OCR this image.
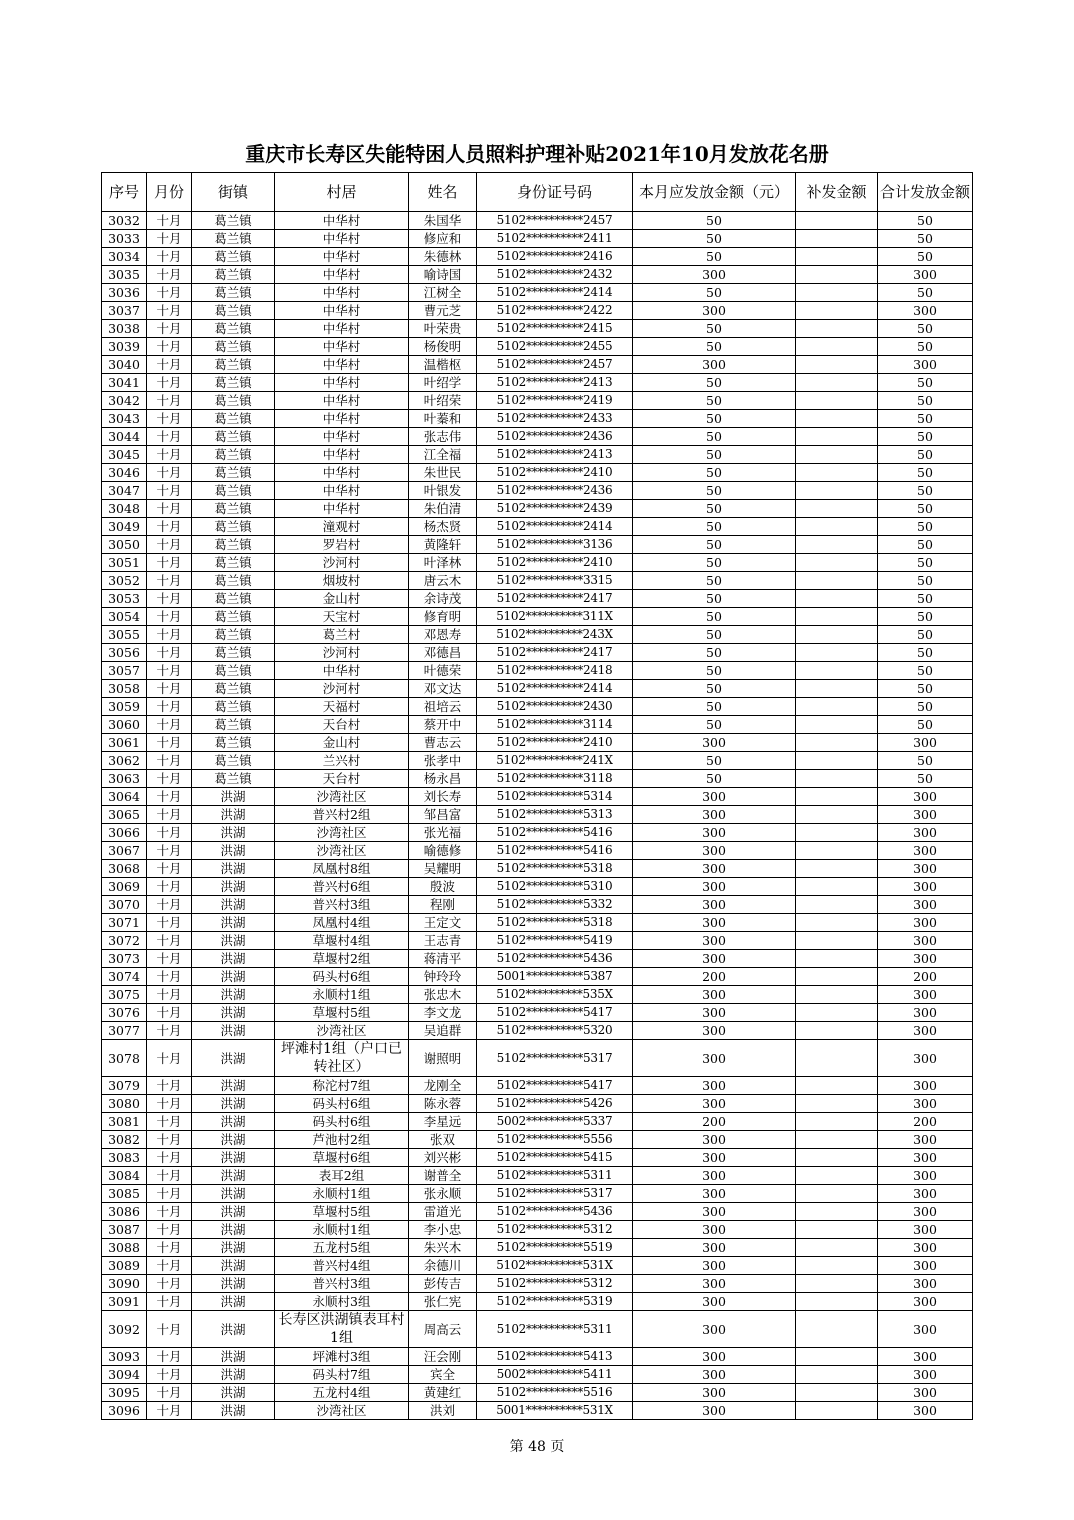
重庆市长寿区失能特困人员照料护理补贴2021年10月发放花名册
序号	月份	街镇	村居	姓名	身份证号码	本月应发放金额（元）	补发金额	合计发放金额
3032	十月	葛兰镇	中华村	朱国华	5102**********2457	50		50
3033	十月	葛兰镇	中华村	修应和	5102**********2411	50		50
3034	十月	葛兰镇	中华村	朱德林	5102**********2416	50		50
3035	十月	葛兰镇	中华村	喻诗国	5102**********2432	300		300
3036	十月	葛兰镇	中华村	江树全	5102**********2414	50		50
3037	十月	葛兰镇	中华村	曹元芝	5102**********2422	300		300
3038	十月	葛兰镇	中华村	叶荣贵	5102**********2415	50		50
3039	十月	葛兰镇	中华村	杨俊明	5102**********2455	50		50
3040	十月	葛兰镇	中华村	温楷枢	5102**********2457	300		300
3041	十月	葛兰镇	中华村	叶绍学	5102**********2413	50		50
3042	十月	葛兰镇	中华村	叶绍荣	5102**********2419	50		50
3043	十月	葛兰镇	中华村	叶蓁和	5102**********2433	50		50
3044	十月	葛兰镇	中华村	张志伟	5102**********2436	50		50
3045	十月	葛兰镇	中华村	江全福	5102**********2413	50		50
3046	十月	葛兰镇	中华村	朱世民	5102**********2410	50		50
3047	十月	葛兰镇	中华村	叶银发	5102**********2436	50		50
3048	十月	葛兰镇	中华村	朱伯清	5102**********2439	50		50
3049	十月	葛兰镇	潼观村	杨杰贤	5102**********2414	50		50
3050	十月	葛兰镇	罗岩村	黄隆轩	5102**********3136	50		50
3051	十月	葛兰镇	沙河村	叶泽林	5102**********2410	50		50
3052	十月	葛兰镇	烟坡村	唐云木	5102**********3315	50		50
3053	十月	葛兰镇	金山村	余诗茂	5102**********2417	50		50
3054	十月	葛兰镇	天宝村	修育明	5102**********311X	50		50
3055	十月	葛兰镇	葛兰村	邓恩寿	5102**********243X	50		50
3056	十月	葛兰镇	沙河村	邓德昌	5102**********2417	50		50
3057	十月	葛兰镇	中华村	叶德荣	5102**********2418	50		50
3058	十月	葛兰镇	沙河村	邓文达	5102**********2414	50		50
3059	十月	葛兰镇	天福村	祖培云	5102**********2430	50		50
3060	十月	葛兰镇	天台村	蔡开中	5102**********3114	50		50
3061	十月	葛兰镇	金山村	曹志云	5102**********2410	300		300
3062	十月	葛兰镇	兰兴村	张孝中	5102**********241X	50		50
3063	十月	葛兰镇	天台村	杨永昌	5102**********3118	50		50
3064	十月	洪湖	沙湾社区	刘长寿	5102**********5314	300		300
3065	十月	洪湖	普兴村2组	邹昌富	5102**********5313	300		300
3066	十月	洪湖	沙湾社区	张光福	5102**********5416	300		300
3067	十月	洪湖	沙湾社区	喻德修	5102**********5416	300		300
3068	十月	洪湖	凤凰村8组	吴耀明	5102**********5318	300		300
3069	十月	洪湖	普兴村6组	殷波	5102**********5310	300		300
3070	十月	洪湖	普兴村3组	程刚	5102**********5332	300		300
3071	十月	洪湖	凤凰村4组	王定文	5102**********5318	300		300
3072	十月	洪湖	草堰村4组	王志青	5102**********5419	300		300
3073	十月	洪湖	草堰村2组	蒋清平	5102**********5436	300		300
3074	十月	洪湖	码头村6组	钟玲玲	5001**********5387	200		200
3075	十月	洪湖	永顺村1组	张忠木	5102**********535X	300		300
3076	十月	洪湖	草堰村5组	李文龙	5102**********5417	300		300
3077	十月	洪湖	沙湾社区	吴追群	5102**********5320	300		300
3078	十月	洪湖	坪滩村1组（户口已转社区）	谢照明	5102**********5317	300		300
3079	十月	洪湖	称沱村7组	龙刚全	5102**********5417	300		300
3080	十月	洪湖	码头村6组	陈永蓉	5102**********5426	300		300
3081	十月	洪湖	码头村6组	李星远	5002**********5337	200		200
3082	十月	洪湖	芦池村2组	张双	5102**********5556	300		300
3083	十月	洪湖	草堰村6组	刘兴彬	5102**********5415	300		300
3084	十月	洪湖	表耳2组	谢普全	5102**********5311	300		300
3085	十月	洪湖	永顺村1组	张永顺	5102**********5317	300		300
3086	十月	洪湖	草堰村5组	雷道光	5102**********5436	300		300
3087	十月	洪湖	永顺村1组	李小忠	5102**********5312	300		300
3088	十月	洪湖	五龙村5组	朱兴木	5102**********5519	300		300
3089	十月	洪湖	普兴村4组	余德川	5102**********531X	300		300
3090	十月	洪湖	普兴村3组	彭传吉	5102**********5312	300		300
3091	十月	洪湖	永顺村3组	张仁宪	5102**********5319	300		300
3092	十月	洪湖	长寿区洪湖镇表耳村1组	周高云	5102**********5311	300		300
3093	十月	洪湖	坪滩村3组	汪会刚	5102**********5413	300		300
3094	十月	洪湖	码头村7组	宾全	5002**********5411	300		300
3095	十月	洪湖	五龙村4组	黄建红	5102**********5516	300		300
3096	十月	洪湖	沙湾社区	洪刘	5001**********531X	300		300
第 48 页
